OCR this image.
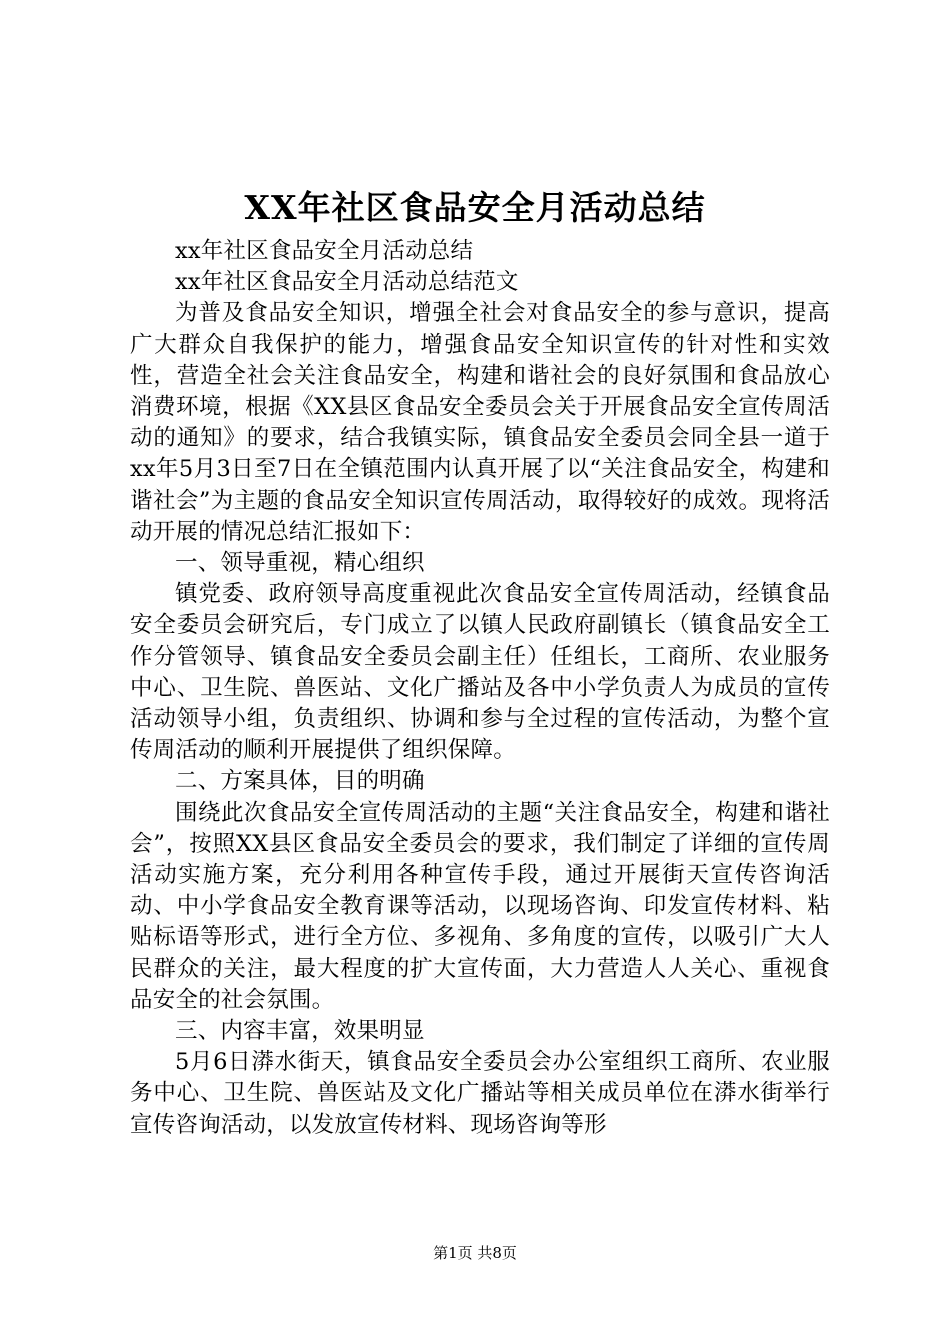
XX年社区食品安全月活动总结

xx年社区食品安全月活动总结

xx年社区食品安全月活动总结范文

为普及食品安全知识，增强全社会对食品安全的参与意识，提高广大群众自我保护的能力，增强食品安全知识宣传的针对性和实效性，营造全社会关注食品安全，构建和谐社会的良好氛围和食品放心消费环境，根据《XX县区食品安全委员会关于开展食品安全宣传周活动的通知》的要求，结合我镇实际，镇食品安全委员会同全县一道于xx年5月3日至7日在全镇范围内认真开展了以“关注食品安全，构建和谐社会”为主题的食品安全知识宣传周活动，取得较好的成效。现将活动开展的情况总结汇报如下：

一、领导重视，精心组织

镇党委、政府领导高度重视此次食品安全宣传周活动，经镇食品安全委员会研究后，专门成立了以镇人民政府副镇长（镇食品安全工作分管领导、镇食品安全委员会副主任）任组长，工商所、农业服务中心、卫生院、兽医站、文化广播站及各中小学负责人为成员的宣传活动领导小组，负责组织、协调和参与全过程的宣传活动，为整个宣传周活动的顺利开展提供了组织保障。

二、方案具体，目的明确

围绕此次食品安全宣传周活动的主题“关注食品安全，构建和谐社会”，按照XX县区食品安全委员会的要求，我们制定了详细的宣传周活动实施方案，充分利用各种宣传手段，通过开展街天宣传咨询活动、中小学食品安全教育课等活动，以现场咨询、印发宣传材料、粘贴标语等形式，进行全方位、多视角、多角度的宣传，以吸引广大人民群众的关注，最大程度的扩大宣传面，大力营造人人关心、重视食品安全的社会氛围。

三、内容丰富，效果明显

5月6日漭水街天，镇食品安全委员会办公室组织工商所、农业服务中心、卫生院、兽医站及文化广播站等相关成员单位在漭水街举行宣传咨询活动，以发放宣传材料、现场咨询等形

第1页 共8页
